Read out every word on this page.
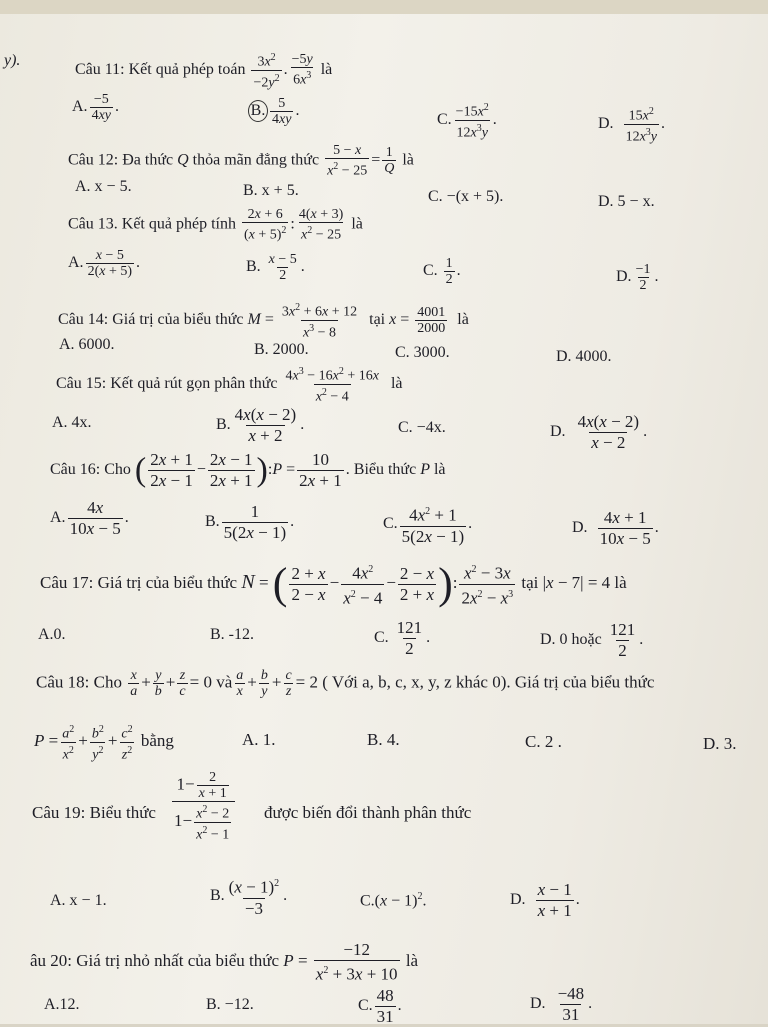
y).
Câu 11: Kết quả phép toán $\frac{3x^2}{-2y^2}$ . $\frac{-5y}{6x^3}$ là
A. $\frac{-5}{4xy}$ .	B. $\frac{5}{4xy}$ .
C. $\frac{-15x^2}{12x^3y}$ .	D. $\frac{15x^2}{12x^3y}$ .
Câu 12: Đa thức Q thỏa mãn đẳng thức $\frac{5 - x}{x^2 - 25} = \frac{1}{Q}$ là
A. x − 5.	B. x + 5.	C. −(x + 5).	D. 5 − x.
Câu 13. Kết quả phép tính $\frac{2x + 6}{(x + 5)^2}$ : $\frac{4(x + 3)}{x^2 - 25}$ là
A. $\frac{x - 5}{2(x + 5)}$ .	B. $\frac{x - 5}{2}$ .	C. $\frac{1}{2}$ .	D. $\frac{-1}{2}$ .
Câu 14: Giá trị của biểu thức $M = \frac{3x^2 + 6x + 12}{x^3 - 8}$ tại $x = \frac{4001}{2000}$ là
A. 6000.	B. 2000.	C. 3000.	D. 4000.
Câu 15: Kết quả rút gọn phân thức $\frac{4x^3 - 16x^2 + 16x}{x^2 - 4}$ là
A. 4x.	B. $\frac{4x(x - 2)}{x + 2}$ .	C. −4x.	D. $\frac{4x(x - 2)}{x - 2}$ .
Câu 16: Cho ( $\frac{2x + 1}{2x - 1} - \frac{2x - 1}{2x + 1}$ ):P = $\frac{10}{2x + 1}$ . Biểu thức P là
A. $\frac{4x}{10x - 5}$ .	B. $\frac{1}{5(2x - 1)}$ .	C. $\frac{4x^2 + 1}{5(2x - 1)}$ .	D. $\frac{4x + 1}{10x - 5}$ .
Câu 17: Giá trị của biểu thức N = ( $\frac{2 + x}{2 - x} - \frac{4x^2}{x^2 - 4} - \frac{2 - x}{2 + x}$ ): $\frac{x^2 - 3x}{2x^2 - x^3}$ tại |x − 7| = 4 là
A.0.	B. -12.	C. $\frac{121}{2}$ .	D. 0 hoặc $\frac{121}{2}$ .
Câu 18: Cho $\frac{x}{a} + \frac{y}{b} + \frac{z}{c} = 0$ và $\frac{a}{x} + \frac{b}{y} + \frac{c}{z} = 2$ ( Với a, b, c, x, y, z khác 0). Giá trị của biểu thức
$P = \frac{a^2}{x^2} + \frac{b^2}{y^2} + \frac{c^2}{z^2}$ bằng	A. 1.	B. 4.	C. 2 .	D. 3.
Câu 19: Biểu thức $\frac{1- \frac{2}{x + 1}}{1- \frac{x^2 - 2}{x^2 - 1}}$ được biến đổi thành phân thức
A. x − 1.	B. $\frac{(x - 1)^2}{-3}$ .	$C.(x - 1)^2$.	D. $\frac{x - 1}{x + 1}$ .
âu 20: Giá trị nhỏ nhất của biểu thức $P = \frac{-12}{x^2 + 3x + 10}$ là
A.12.	B. −12.	C. $\frac{48}{31}$ .	D. $\frac{-48}{31}$ .
